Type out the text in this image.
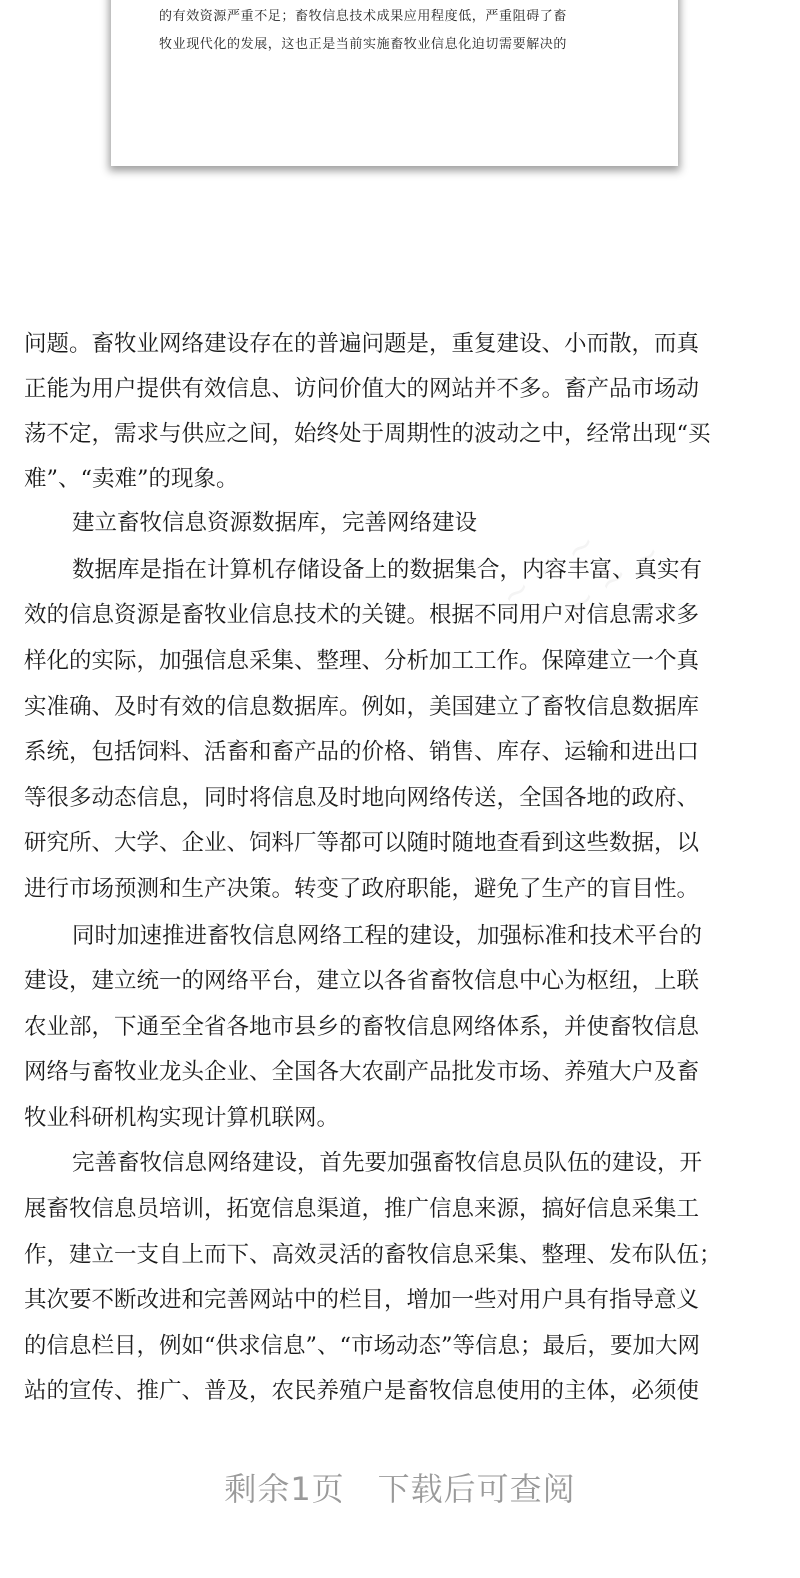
的有效资源严重不足；畜牧信息技术成果应用程度低，严重阻碍了畜
牧业现代化的发展，这也正是当前实施畜牧业信息化迫切需要解决的
问题。畜牧业网络建设存在的普遍问题是，重复建设、小而散，而真
正能为用户提供有效信息、访问价值大的网站并不多。畜产品市场动
荡不定，需求与供应之间，始终处于周期性的波动之中，经常出现“买
难”、“卖难”的现象。
建立畜牧信息资源数据库，完善网络建设
数据库是指在计算机存储设备上的数据集合，内容丰富、真实有
效的信息资源是畜牧业信息技术的关键。根据不同用户对信息需求多
样化的实际，加强信息采集、整理、分析加工工作。保障建立一个真
实准确、及时有效的信息数据库。例如，美国建立了畜牧信息数据库
系统，包括饲料、活畜和畜产品的价格、销售、库存、运输和进出口
等很多动态信息，同时将信息及时地向网络传送，全国各地的政府、
研究所、大学、企业、饲料厂等都可以随时随地查看到这些数据，以
进行市场预测和生产决策。转变了政府职能，避免了生产的盲目性。
同时加速推进畜牧信息网络工程的建设，加强标准和技术平台的
建设，建立统一的网络平台，建立以各省畜牧信息中心为枢纽，上联
农业部，下通至全省各地市县乡的畜牧信息网络体系，并使畜牧信息
网络与畜牧业龙头企业、全国各大农副产品批发市场、养殖大户及畜
牧业科研机构实现计算机联网。
完善畜牧信息网络建设，首先要加强畜牧信息员队伍的建设，开
展畜牧信息员培训，拓宽信息渠道，推广信息来源，搞好信息采集工
作，建立一支自上而下、高效灵活的畜牧信息采集、整理、发布队伍；
其次要不断改进和完善网站中的栏目，增加一些对用户具有指导意义
的信息栏目，例如“供求信息”、“市场动态”等信息；最后，要加大网
站的宣传、推广、普及，农民养殖户是畜牧信息使用的主体，必须使
剩余1页　下载后可查阅
